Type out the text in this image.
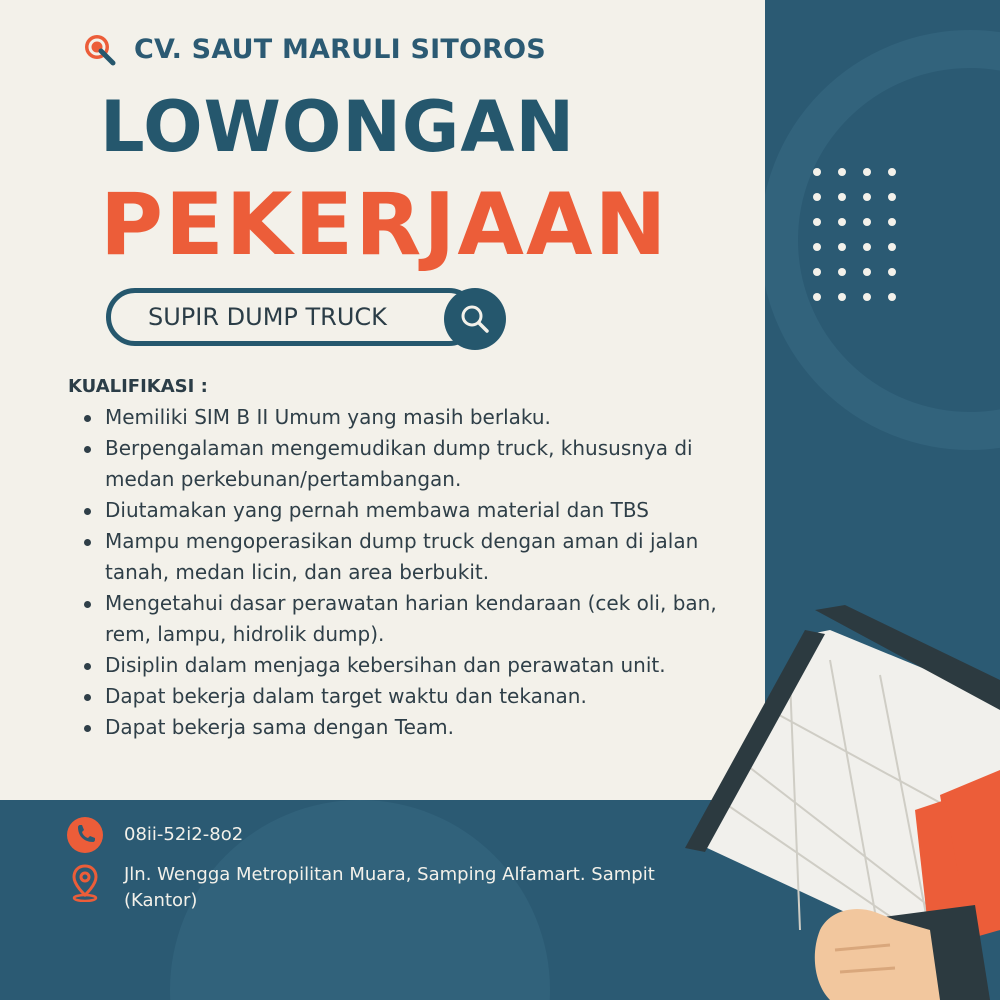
CV. SAUT MARULI SITOROS
LOWONGAN
PEKERJAAN
SUPIR DUMP TRUCK
KUALIFIKASI :
Memiliki SIM B II Umum yang masih berlaku.
Berpengalaman mengemudikan dump truck, khususnya di medan perkebunan/pertambangan.
Diutamakan yang pernah membawa material dan TBS
Mampu mengoperasikan dump truck dengan aman di jalan tanah, medan licin, dan area berbukit.
Mengetahui dasar perawatan harian kendaraan (cek oli, ban, rem, lampu, hidrolik dump).
Disiplin dalam menjaga kebersihan dan perawatan unit.
Dapat bekerja dalam target waktu dan tekanan.
Dapat bekerja sama dengan Team.
08ii-52i2-8o2
Jln. Wengga Metropilitan Muara, Samping Alfamart. Sampit (Kantor)
